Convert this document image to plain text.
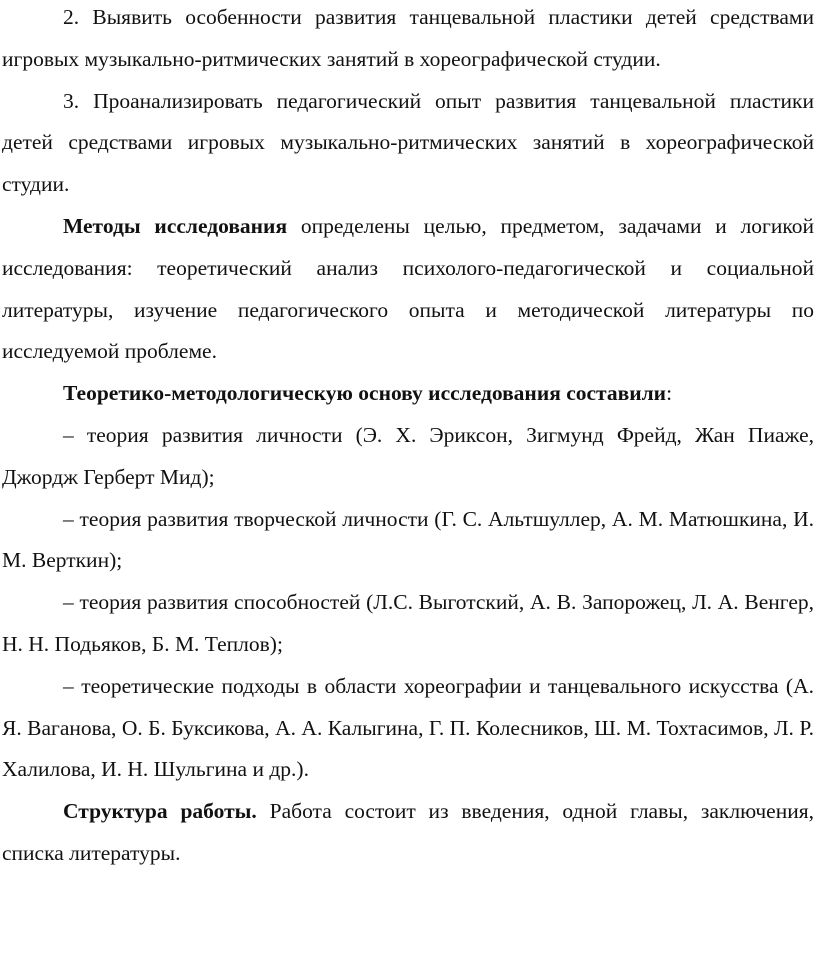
2. Выявить особенности развития танцевальной пластики детей средствами игровых музыкально-ритмических занятий в хореографической студии.

3. Проанализировать педагогический опыт развития танцевальной пластики детей средствами игровых музыкально-ритмических занятий в хореографической студии.

Методы исследования определены целью, предметом, задачами и логикой исследования: теоретический анализ психолого-педагогической и социальной литературы, изучение педагогического опыта и методической литературы по исследуемой проблеме.

Теоретико-методологическую основу исследования составили:

– теория развития личности (Э. Х. Эриксон, Зигмунд Фрейд, Жан Пиаже, Джордж Герберт Мид);

– теория развития творческой личности (Г. С. Альтшуллер, А. М. Матюшкина, И. М. Верткин);

– теория развития способностей (Л.С. Выготский, А. В. Запорожец, Л. А. Венгер, Н. Н. Подьяков, Б. М. Теплов);

– теоретические подходы в области хореографии и танцевального искусства (А. Я. Ваганова, О. Б. Буксикова, А. А. Калыгина, Г. П. Колесников, Ш. М. Тохтасимов, Л. Р. Халилова, И. Н. Шульгина и др.).

Структура работы. Работа состоит из введения, одной главы, заключения, списка литературы.
